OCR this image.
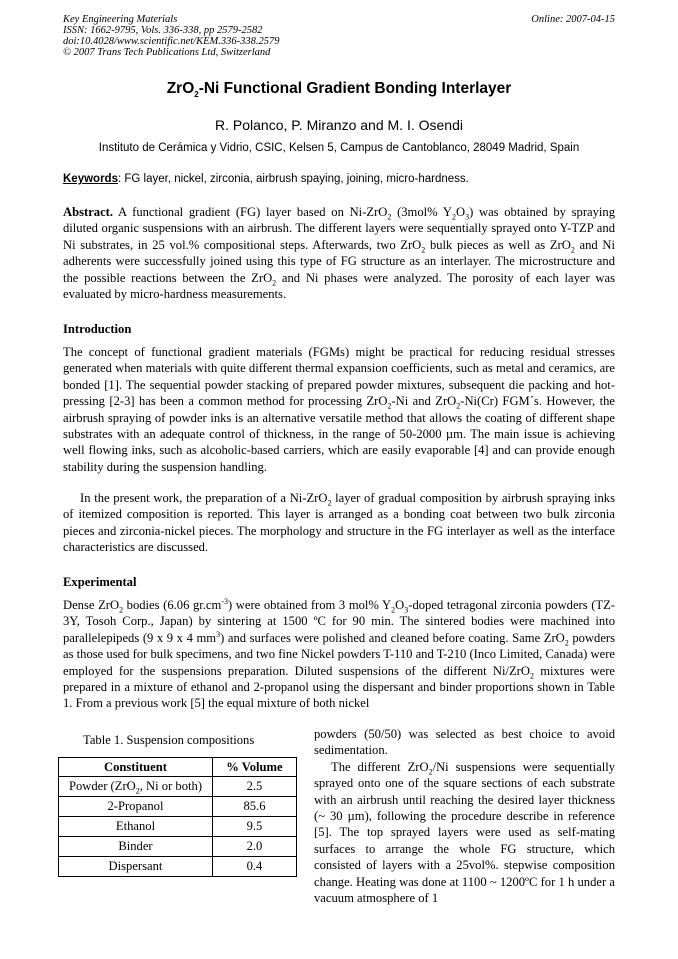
Key Engineering Materials
ISSN: 1662-9795, Vols. 336-338, pp 2579-2582
doi:10.4028/www.scientific.net/KEM.336-338.2579
© 2007 Trans Tech Publications Ltd, Switzerland
Online: 2007-04-15
ZrO$_2$-Ni Functional Gradient Bonding Interlayer
R. Polanco, P. Miranzo and M. I. Osendi
Instituto de Cerámica y Vidrio, CSIC, Kelsen 5, Campus de Cantoblanco, 28049 Madrid, Spain
Keywords: FG layer, nickel, zirconia, airbrush spaying, joining, micro-hardness.

Abstract. A functional gradient (FG) layer based on Ni-ZrO$_2$ (3mol% $Y_2O_3$) was obtained by spraying diluted organic suspensions with an airbrush. The different layers were sequentially sprayed onto Y-TZP and Ni substrates, in 25 vol.% compositional steps. Afterwards, two ZrO$_2$ bulk pieces as well as ZrO$_2$ and Ni adherents were successfully joined using this type of FG structure as an interlayer. The microstructure and the possible reactions between the ZrO$_2$ and Ni phases were analyzed. The porosity of each layer was evaluated by micro-hardness measurements.

Introduction

The concept of functional gradient materials (FGMs) might be practical for reducing residual stresses generated when materials with quite different thermal expansion coefficients, such as metal and ceramics, are bonded [1]. The sequential powder stacking of prepared powder mixtures, subsequent die packing and hot-pressing [2-3] has been a common method for processing ZrO$_2$-Ni and ZrO$_2$-Ni(Cr) FGM´s. However, the airbrush spraying of powder inks is an alternative versatile method that allows the coating of different shape substrates with an adequate control of thickness, in the range of 50-2000 µm. The main issue is achieving well flowing inks, such as alcoholic-based carriers, which are easily evaporable [4] and can provide enough stability during the suspension handling.

In the present work, the preparation of a Ni-ZrO$_2$ layer of gradual composition by airbrush spraying inks of itemized composition is reported. This layer is arranged as a bonding coat between two bulk zirconia pieces and zirconia-nickel pieces. The morphology and structure in the FG interlayer as well as the interface characteristics are discussed.

Experimental

Dense ZrO$_2$ bodies (6.06 $gr.cm^{-3}$) were obtained from 3 mol% $Y_2O_3$-doped tetragonal zirconia powders (TZ-3Y, Tosoh Corp., Japan) by sintering at 1500 ºC for 90 min. The sintered bodies were machined into parallelepipeds (9 x 9 x 4 $mm^3$) and surfaces were polished and cleaned before coating. Same ZrO$_2$ powders as those used for bulk specimens, and two fine Nickel powders T-110 and T-210 (Inco Limited, Canada) were employed for the suspensions preparation. Diluted suspensions of the different Ni/ZrO$_2$ mixtures were prepared in a mixture of ethanol and 2-propanol using the dispersant and binder proportions shown in Table 1. From a previous work [5] the equal mixture of both nickel

Table 1. Suspension compositions
Constituent	% Volume
Powder (ZrO$_2$, Ni or both)	2.5
2-Propanol	85.6
Ethanol	9.5
Binder	2.0
Dispersant	0.4
powders (50/50) was selected as best choice to avoid sedimentation.
The different ZrO$_2$/Ni suspensions were sequentially sprayed onto one of the square sections of each substrate with an airbrush until reaching the desired layer thickness (~ 30 µm), following the procedure describe in reference [5]. The top sprayed layers were used as self-mating surfaces to arrange the whole FG structure, which consisted of layers with a 25vol%. stepwise composition change. Heating was done at 1100 ~ 1200ºC for 1 h under a vacuum atmosphere of 1
